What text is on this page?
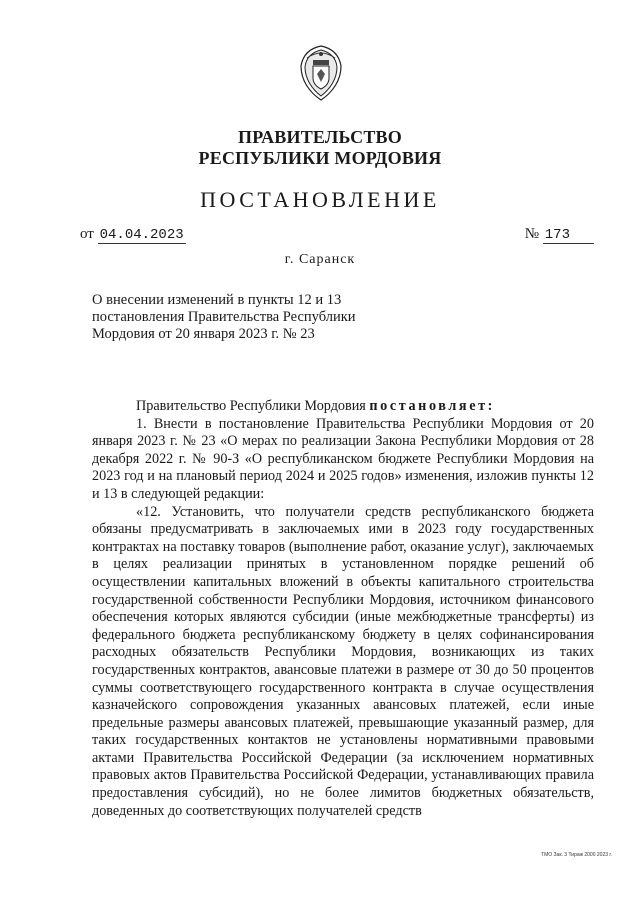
ПРАВИТЕЛЬСТВО
РЕСПУБЛИКИ МОРДОВИЯ
ПОСТАНОВЛЕНИЕ
от 04.04.2023	№ 173
г. Саранск
О внесении изменений в пункты 12 и 13 постановления Правительства Республики Мордовия от 20 января 2023 г. № 23

Правительство Республики Мордовия постановляет:

1. Внести в постановление Правительства Республики Мордовия от 20 января 2023 г. № 23 «О мерах по реализации Закона Республики Мордовия от 28 декабря 2022 г. № 90-З «О республиканском бюджете Республики Мордовия на 2023 год и на плановый период 2024 и 2025 годов» изменения, изложив пункты 12 и 13 в следующей редакции:

«12. Установить, что получатели средств республиканского бюджета обязаны предусматривать в заключаемых ими в 2023 году государственных контрактах на поставку товаров (выполнение работ, оказание услуг), заключаемых в целях реализации принятых в установленном порядке решений об осуществлении капитальных вложений в объекты капитального строительства государственной собственности Республики Мордовия, источником финансового обеспечения которых являются субсидии (иные межбюджетные трансферты) из федерального бюджета республиканскому бюджету в целях софинансирования расходных обязательств Республики Мордовия, возникающих из таких государственных контрактов, авансовые платежи в размере от 30 до 50 процентов суммы соответствующего государственного контракта в случае осуществления казначейского сопровождения указанных авансовых платежей, если иные предельные размеры авансовых платежей, превышающие указанный размер, для таких государственных контактов не установлены нормативными правовыми актами Правительства Российской Федерации (за исключением нормативных правовых актов Правительства Российской Федерации, устанавливающих правила предоставления субсидий), но не более лимитов бюджетных обязательств, доведенных до соответствующих получателей средств

ТМО Зак. 3 Тираж 2000 2023 г.
